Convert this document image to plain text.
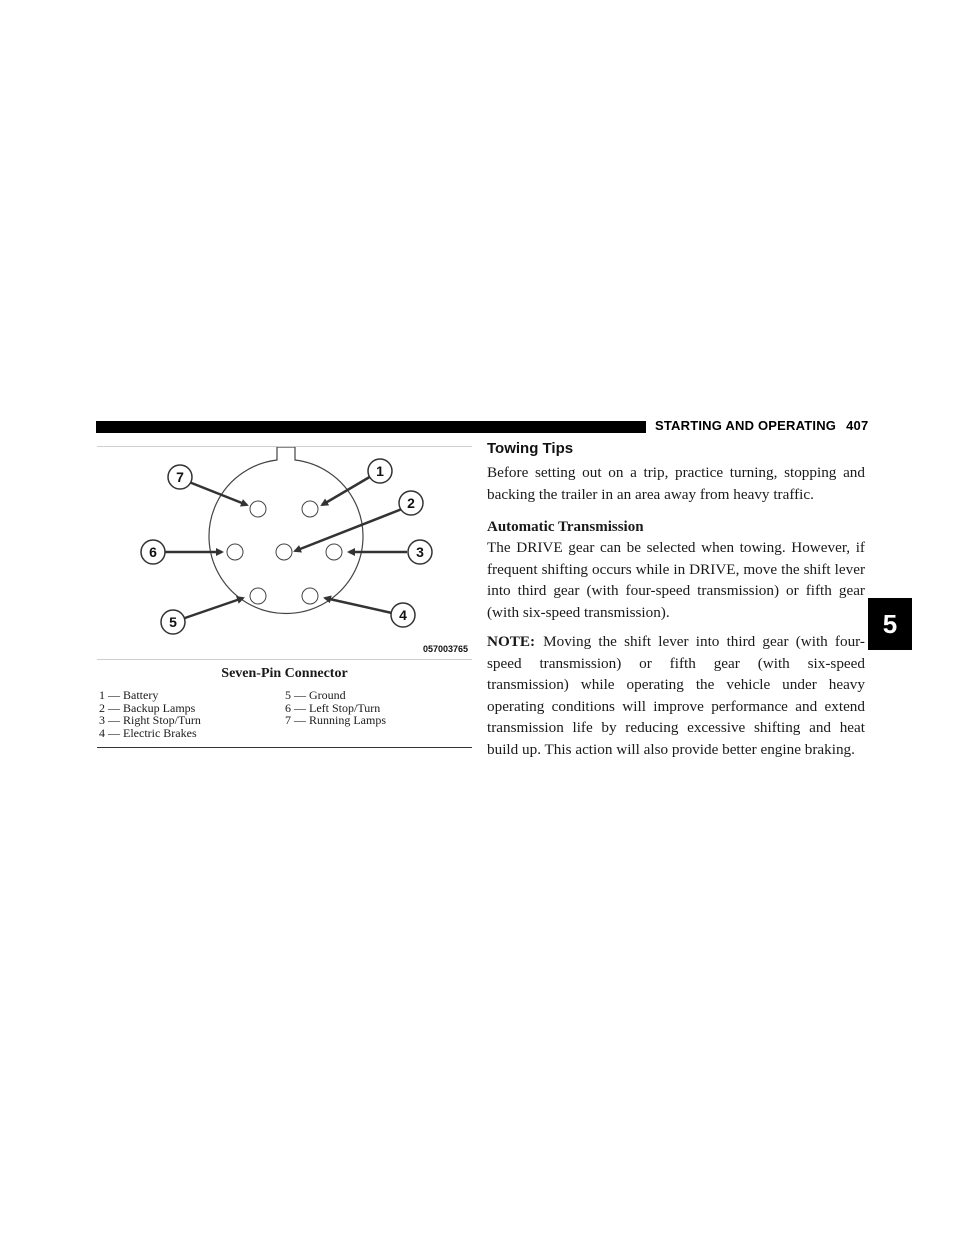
STARTING AND OPERATING 407
5
7	1
2
6	3
5	4
057003765
Seven-Pin Connector
1 — Battery	5 — Ground
2 — Backup Lamps	6 — Left Stop/Turn
3 — Right Stop/Turn	7 — Running Lamps
4 — Electric Brakes
Towing Tips

Before setting out on a trip, practice turning, stopping and backing the trailer in an area away from heavy traffic.

Automatic Transmission

The DRIVE gear can be selected when towing. However, if frequent shifting occurs while in DRIVE, move the shift lever into third gear (with four-speed transmission) or fifth gear (with six-speed transmission).

NOTE: Moving the shift lever into third gear (with four-speed transmission) or fifth gear (with six-speed transmission) while operating the vehicle under heavy operating conditions will improve performance and extend transmission life by reducing excessive shifting and heat build up. This action will also provide better engine braking.
